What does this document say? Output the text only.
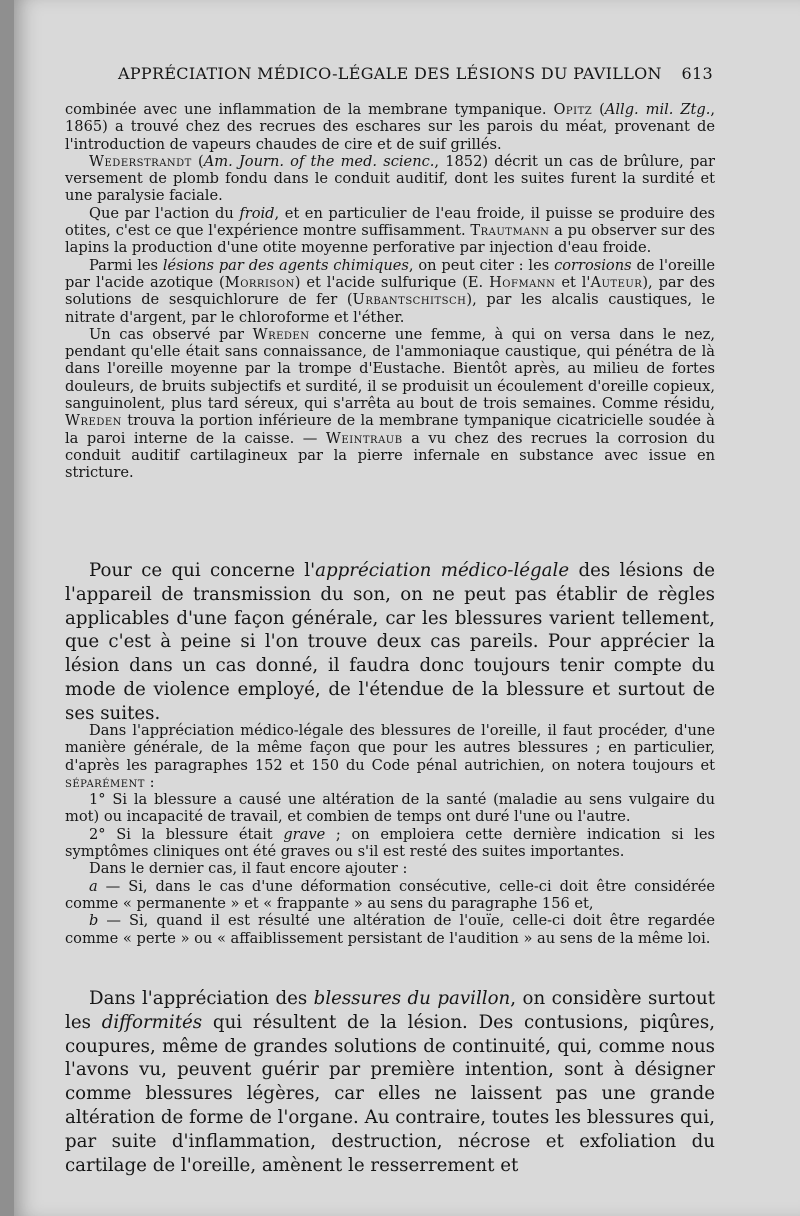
APPRÉCIATION MÉDICO-LÉGALE DES LÉSIONS DU PAVILLON 613

combinée avec une inflammation de la membrane tympanique. Opitz (Allg. mil. Ztg., 1865) a trouvé chez des recrues des eschares sur les parois du méat, provenant de l'introduction de vapeurs chaudes de cire et de suif grillés.

Wederstrandt (Am. Journ. of the med. scienc., 1852) décrit un cas de brûlure, par versement de plomb fondu dans le conduit auditif, dont les suites furent la surdité et une paralysie faciale.

Que par l'action du froid, et en particulier de l'eau froide, il puisse se produire des otites, c'est ce que l'expérience montre suffisamment. Trautmann a pu observer sur des lapins la production d'une otite moyenne perforative par injection d'eau froide.

Parmi les lésions par des agents chimiques, on peut citer : les corrosions de l'oreille par l'acide azotique (Morrison) et l'acide sulfurique (E. Hofmann et l'Auteur), par des solutions de sesquichlorure de fer (Urbantschitsch), par les alcalis caustiques, le nitrate d'argent, par le chloroforme et l'éther.

Un cas observé par Wreden concerne une femme, à qui on versa dans le nez, pendant qu'elle était sans connaissance, de l'ammoniaque caustique, qui pénétra de là dans l'oreille moyenne par la trompe d'Eustache. Bientôt après, au milieu de fortes douleurs, de bruits subjectifs et surdité, il se produisit un écoulement d'oreille copieux, sanguinolent, plus tard séreux, qui s'arrêta au bout de trois semaines. Comme résidu, Wreden trouva la portion inférieure de la membrane tympanique cicatricielle soudée à la paroi interne de la caisse. — Weintraub a vu chez des recrues la corrosion du conduit auditif cartilagineux par la pierre infernale en substance avec issue en stricture.

Pour ce qui concerne l'appréciation médico-légale des lésions de l'appareil de transmission du son, on ne peut pas établir de règles applicables d'une façon générale, car les blessures varient tellement, que c'est à peine si l'on trouve deux cas pareils. Pour apprécier la lésion dans un cas donné, il faudra donc toujours tenir compte du mode de violence employé, de l'étendue de la blessure et surtout de ses suites.

Dans l'appréciation médico-légale des blessures de l'oreille, il faut procéder, d'une manière générale, de la même façon que pour les autres blessures ; en particulier, d'après les paragraphes 152 et 150 du Code pénal autrichien, on notera toujours et séparément :

1° Si la blessure a causé une altération de la santé (maladie au sens vulgaire du mot) ou incapacité de travail, et combien de temps ont duré l'une ou l'autre.

2° Si la blessure était grave ; on emploiera cette dernière indication si les symptômes cliniques ont été graves ou s'il est resté des suites importantes.

Dans le dernier cas, il faut encore ajouter :

a — Si, dans le cas d'une déformation consécutive, celle-ci doit être considérée comme « permanente » et « frappante » au sens du paragraphe 156 et,

b — Si, quand il est résulté une altération de l'ouïe, celle-ci doit être regardée comme « perte » ou « affaiblissement persistant de l'audition » au sens de la même loi.

Dans l'appréciation des blessures du pavillon, on considère surtout les difformités qui résultent de la lésion. Des contusions, piqûres, coupures, même de grandes solutions de continuité, qui, comme nous l'avons vu, peuvent guérir par première intention, sont à désigner comme blessures légères, car elles ne laissent pas une grande altération de forme de l'organe. Au contraire, toutes les blessures qui, par suite d'inflammation, destruction, nécrose et exfoliation du cartilage de l'oreille, amènent le resserrement et
